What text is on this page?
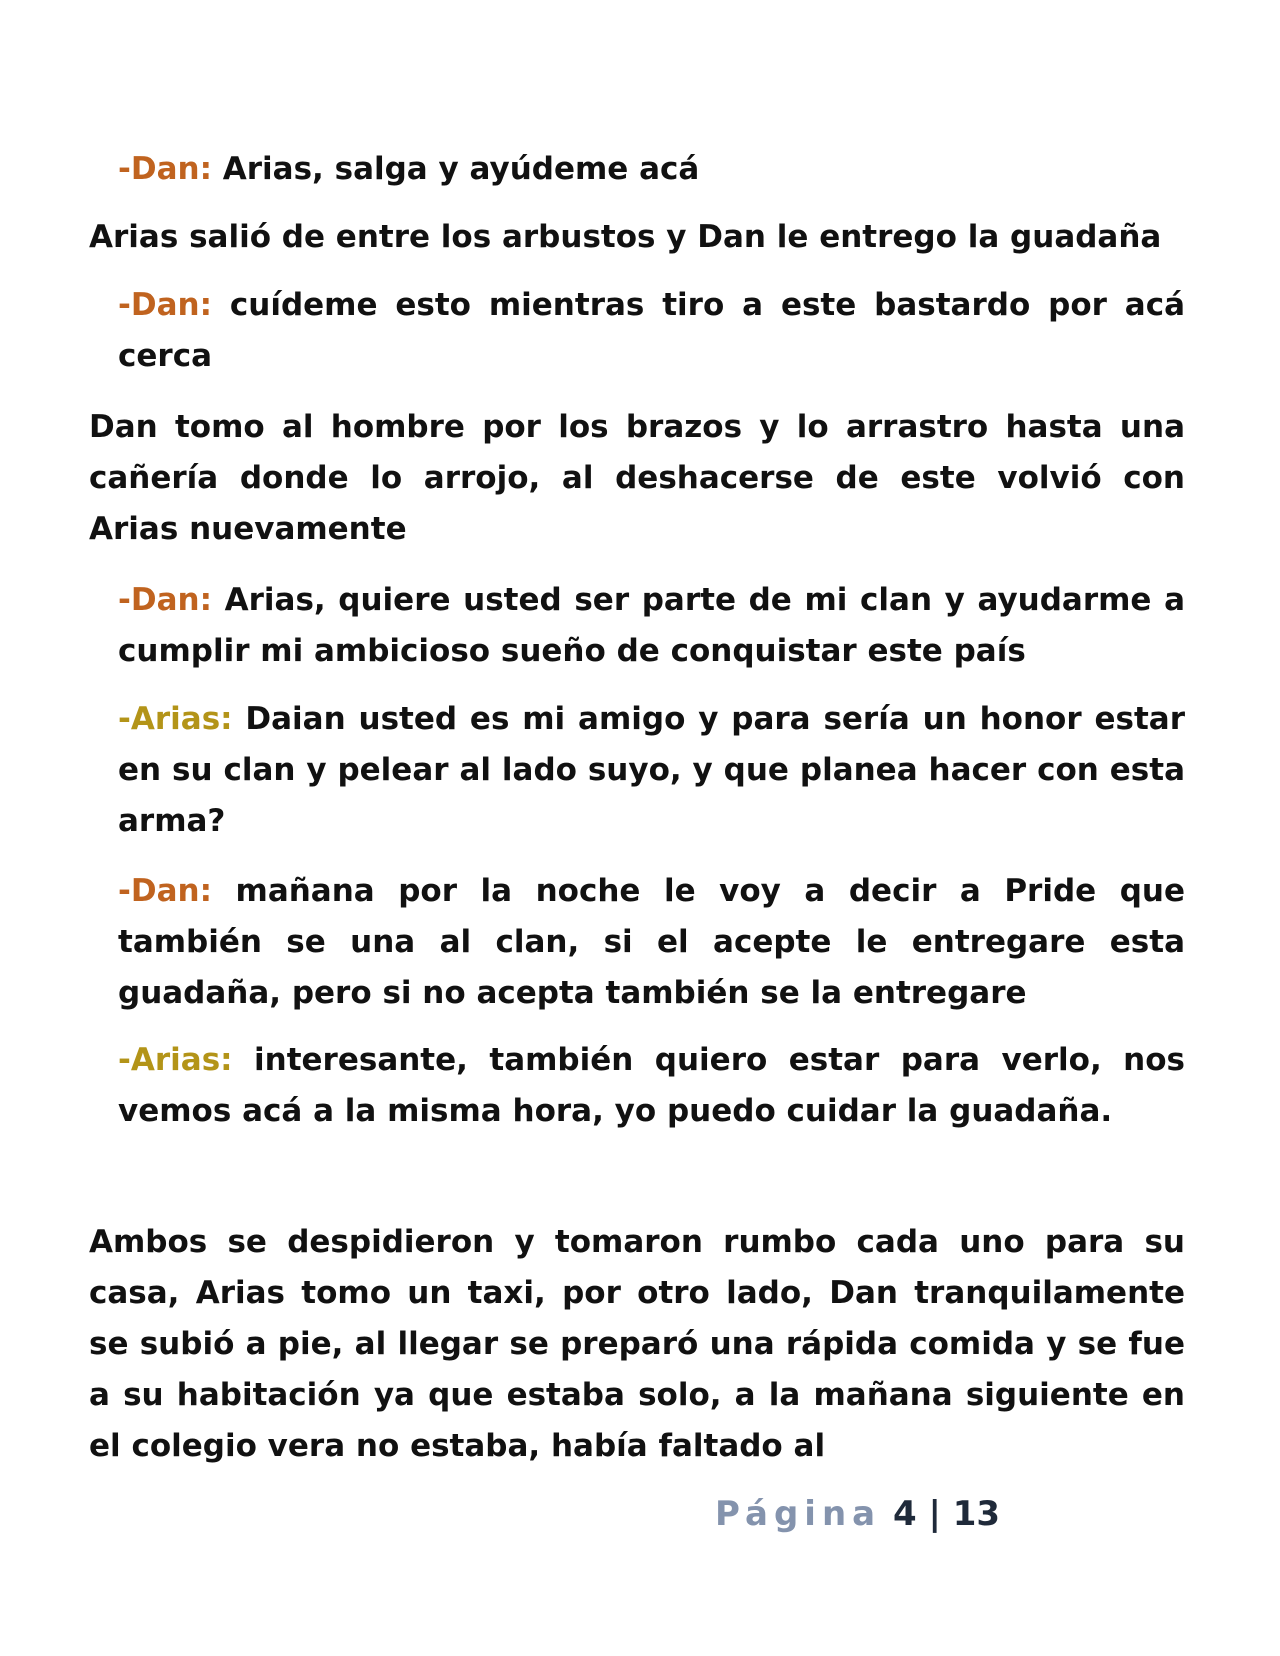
-Dan: Arias, salga y ayúdeme acá

Arias salió de entre los arbustos y Dan le entrego la guadaña

-Dan: cuídeme esto mientras tiro a este bastardo por acá cerca

Dan tomo al hombre por los brazos y lo arrastro hasta una cañería donde lo arrojo, al deshacerse de este volvió con Arias nuevamente

-Dan: Arias, quiere usted ser parte de mi clan y ayudarme a cumplir mi ambicioso sueño de conquistar este país

-Arias: Daian usted es mi amigo y para sería un honor estar en su clan y pelear al lado suyo, y que planea hacer con esta arma?

-Dan: mañana por la noche le voy a decir a Pride que también se una al clan, si el acepte le entregare esta guadaña, pero si no acepta también se la entregare

-Arias: interesante, también quiero estar para verlo, nos vemos acá a la misma hora, yo puedo cuidar la guadaña.

Ambos se despidieron y tomaron rumbo cada uno para su casa, Arias tomo un taxi, por otro lado, Dan tranquilamente se subió a pie, al llegar se preparó una rápida comida y se fue a su habitación ya que estaba solo, a la mañana siguiente en el colegio vera no estaba, había faltado al

Página 4 | 13
